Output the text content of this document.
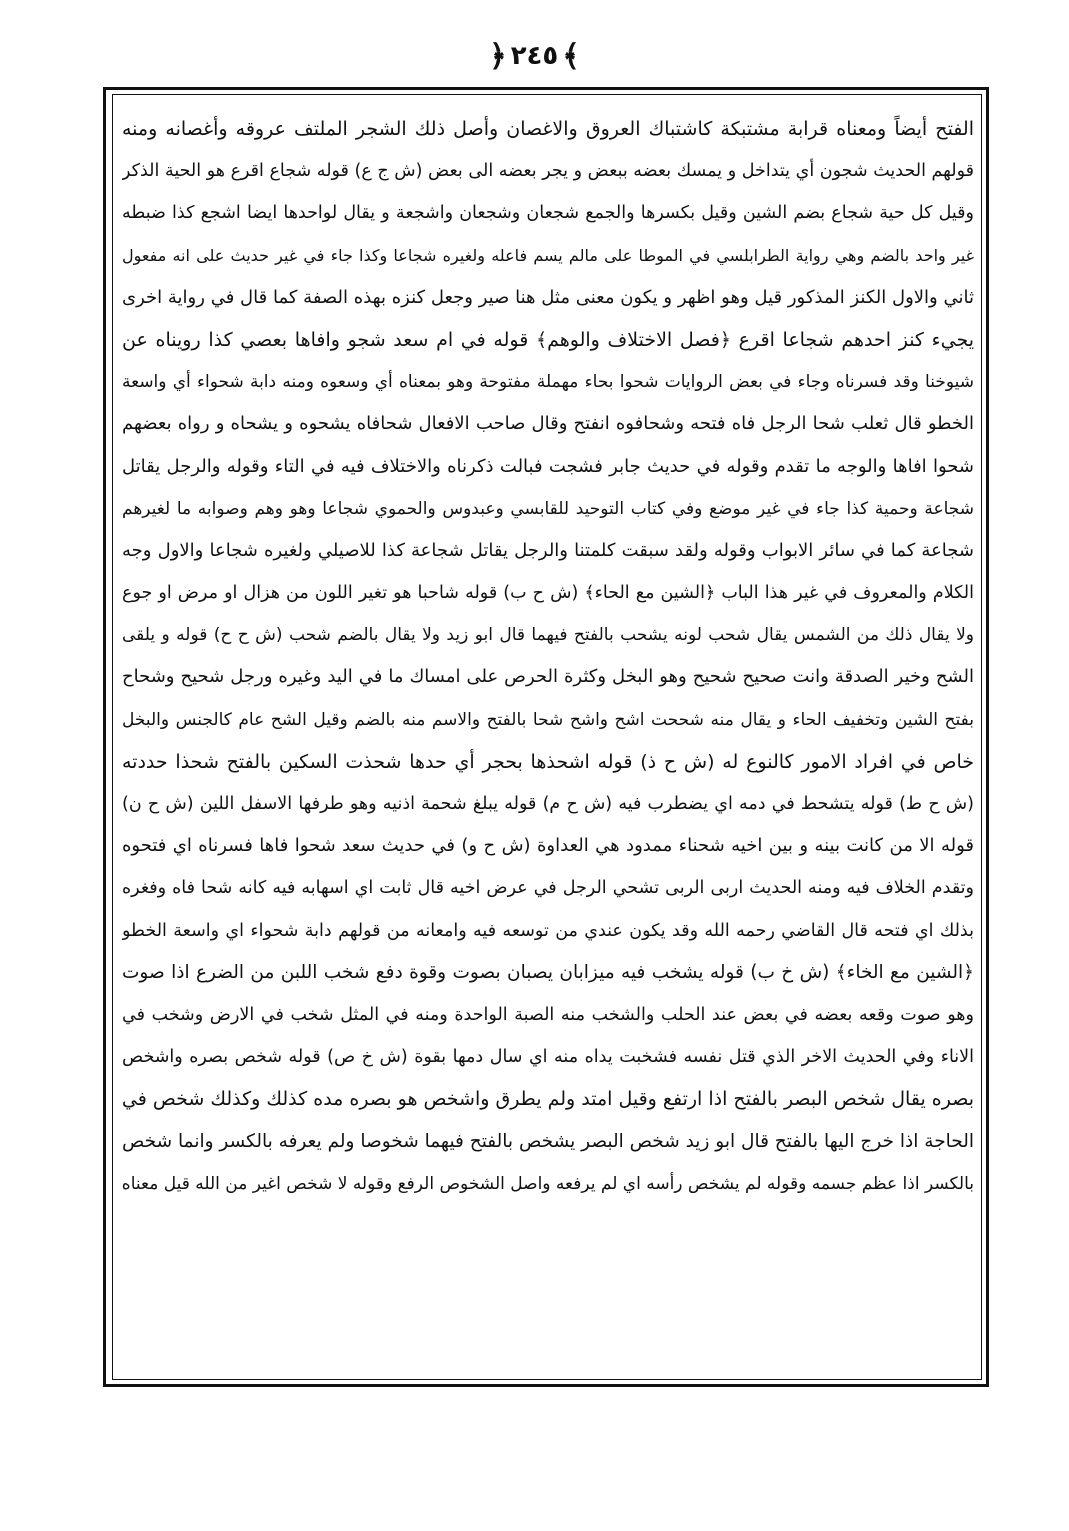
﴿ ٢٤٥ ﴾
الفتح أيضاً ومعناه قرابة مشتبكة كاشتباك العروق والاغصان وأصل ذلك الشجر الملتف عروقه وأغصانه ومنه
قولهم الحديث شجون أي يتداخل و يمسك بعضه ببعض و يجر بعضه الى بعض (ش ج ع) قوله شجاع اقرع هو الحية الذكر
وقيل كل حية شجاع بضم الشين وقيل بكسرها والجمع شجعان وشجعان واشجعة و يقال لواحدها ايضا اشجع كذا ضبطه
غير واحد بالضم وهي رواية الطرابلسي في الموطا على مالم يسم فاعله ولغيره شجاعا وكذا جاء في غير حديث على انه مفعول
ثاني والاول الكنز المذكور قيل وهو اظهر و يكون معنى مثل هنا صير وجعل كنزه بهذه الصفة كما قال في رواية اخرى
يجيء كنز احدهم شجاعا اقرع ﴿فصل الاختلاف والوهم﴾ قوله في ام سعد شجو وافاها بعصي كذا رويناه عن
شيوخنا وقد فسرناه وجاء في بعض الروايات شحوا بحاء مهملة مفتوحة وهو بمعناه أي وسعوه ومنه دابة شحواء أي واسعة
الخطو قال ثعلب شحا الرجل فاه فتحه وشحافوه انفتح وقال صاحب الافعال شحافاه يشحوه و يشحاه و رواه بعضهم
شحوا افاها والوجه ما تقدم وقوله في حديث جابر فشجت فبالت ذكرناه والاختلاف فيه في التاء وقوله والرجل يقاتل
شجاعة وحمية كذا جاء في غير موضع وفي كتاب التوحيد للقابسي وعبدوس والحموي شجاعا وهو وهم وصوابه ما لغيرهم
شجاعة كما في سائر الابواب وقوله ولقد سبقت كلمتنا والرجل يقاتل شجاعة كذا للاصيلي ولغيره شجاعا والاول وجه
الكلام والمعروف في غير هذا الباب ﴿الشين مع الحاء﴾ (ش ح ب) قوله شاحبا هو تغير اللون من هزال او مرض او جوع
ولا يقال ذلك من الشمس يقال شحب لونه يشحب بالفتح فيهما قال ابو زيد ولا يقال بالضم شحب (ش ح ح) قوله و يلقى
الشح وخير الصدقة وانت صحيح شحيح وهو البخل وكثرة الحرص على امساك ما في اليد وغيره ورجل شحيح وشحاح
بفتح الشين وتخفيف الحاء و يقال منه شححت اشح واشح شحا بالفتح والاسم منه بالضم وقيل الشح عام كالجنس والبخل
خاص في افراد الامور كالنوع له (ش ح ذ) قوله اشحذها بحجر أي حدها شحذت السكين بالفتح شحذا حددته
(ش ح ط) قوله يتشحط في دمه اي يضطرب فيه (ش ح م) قوله يبلغ شحمة اذنيه وهو طرفها الاسفل اللين (ش ح ن)
قوله الا من كانت بينه و بين اخيه شحناء ممدود هي العداوة (ش ح و) في حديث سعد شحوا فاها فسرناه اي فتحوه
وتقدم الخلاف فيه ومنه الحديث اربى الربى تشحي الرجل في عرض اخيه قال ثابت اي اسهابه فيه كانه شحا فاه وفغره
بذلك اي فتحه قال القاضي رحمه الله وقد يكون عندي من توسعه فيه وامعانه من قولهم دابة شحواء اي واسعة الخطو
﴿الشين مع الخاء﴾ (ش خ ب) قوله يشخب فيه ميزابان يصبان بصوت وقوة دفع شخب اللبن من الضرع اذا صوت
وهو صوت وقعه بعضه في بعض عند الحلب والشخب منه الصبة الواحدة ومنه في المثل شخب في الارض وشخب في
الاناء وفي الحديث الاخر الذي قتل نفسه فشخبت يداه منه اي سال دمها بقوة (ش خ ص) قوله شخص بصره واشخص
بصره يقال شخص البصر بالفتح اذا ارتفع وقيل امتد ولم يطرق واشخص هو بصره مده كذلك وكذلك شخص في
الحاجة اذا خرج اليها بالفتح قال ابو زيد شخص البصر يشخص بالفتح فيهما شخوصا ولم يعرفه بالكسر وانما شخص
بالكسر اذا عظم جسمه وقوله لم يشخص رأسه اي لم يرفعه واصل الشخوص الرفع وقوله لا شخص اغير من الله قيل معناه
